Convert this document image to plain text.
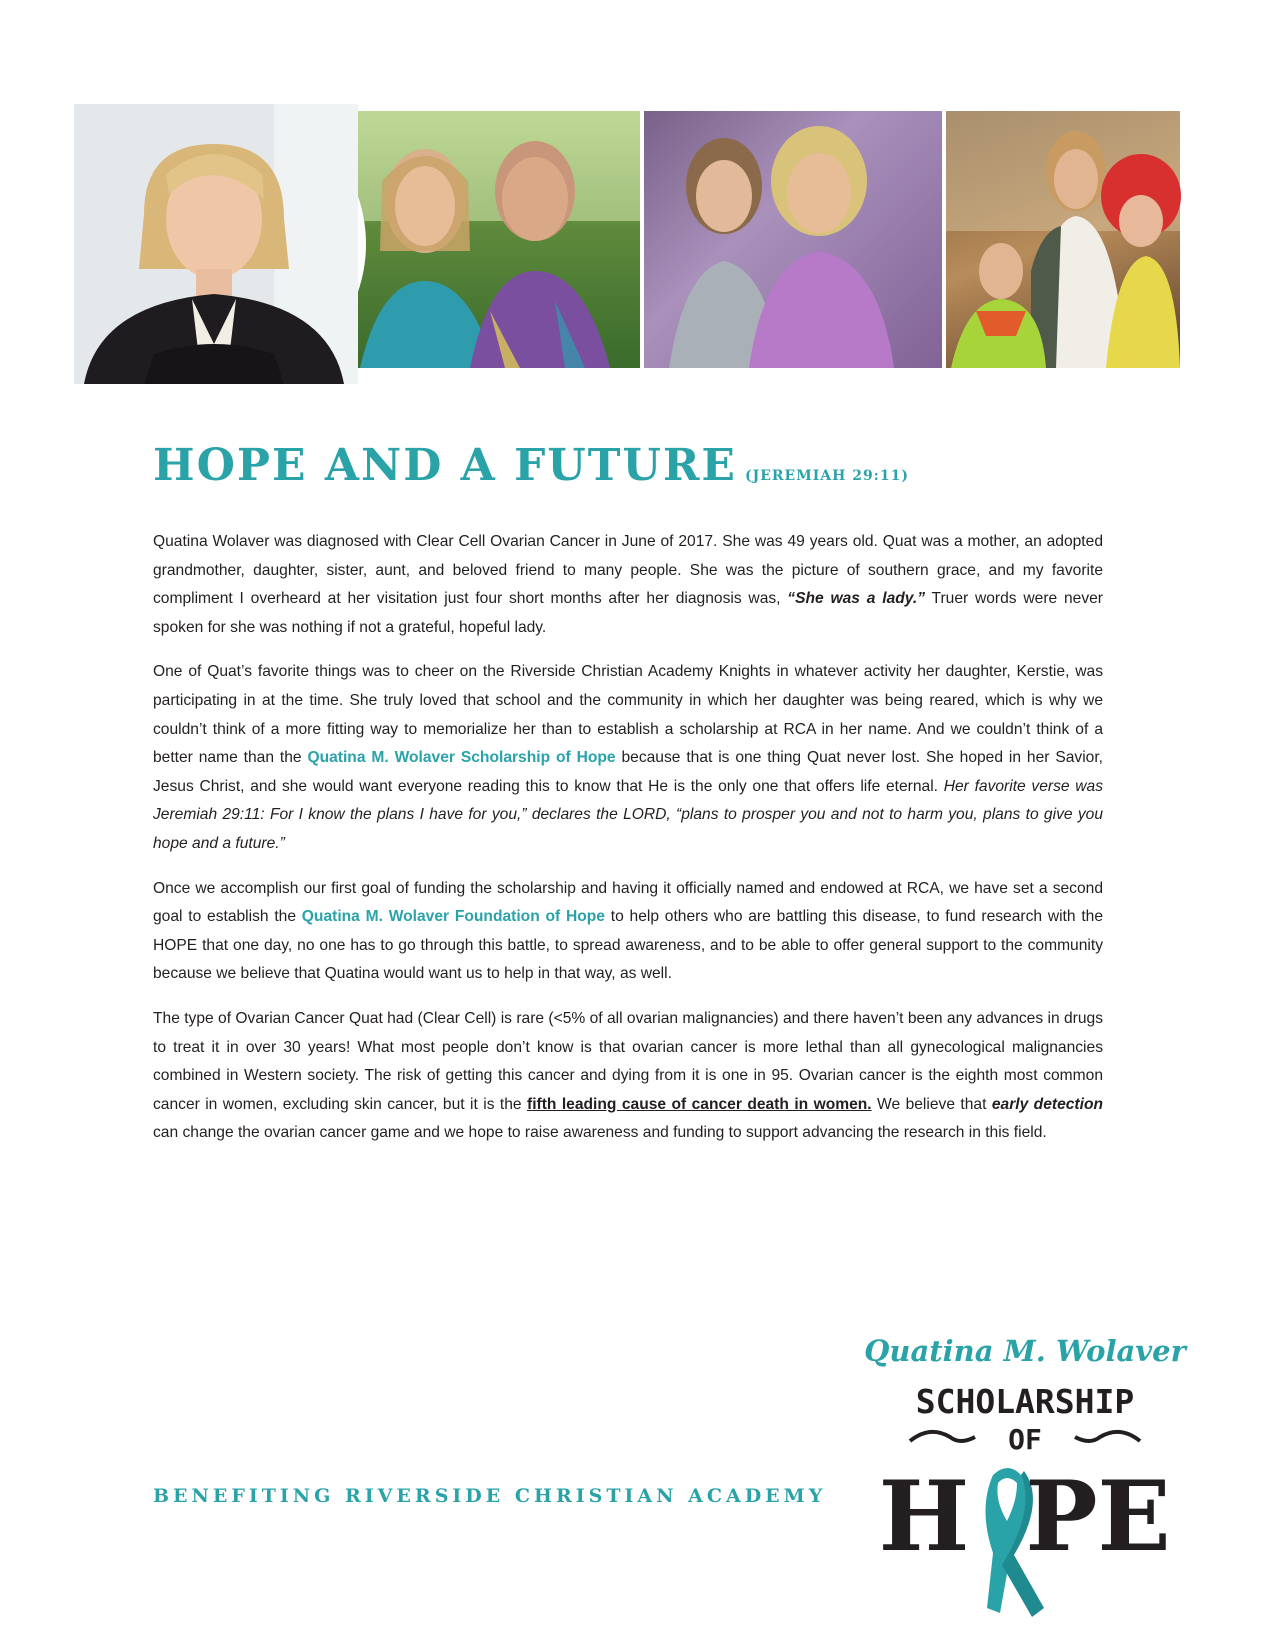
HOPE AND A FUTURE (JEREMIAH 29:11)

Quatina Wolaver was diagnosed with Clear Cell Ovarian Cancer in June of 2017. She was 49 years old. Quat was a mother, an adopted grandmother, daughter, sister, aunt, and beloved friend to many people. She was the picture of southern grace, and my favorite compliment I overheard at her visitation just four short months after her diagnosis was, “She was a lady.” Truer words were never spoken for she was nothing if not a grateful, hopeful lady.

One of Quat’s favorite things was to cheer on the Riverside Christian Academy Knights in whatever activity her daughter, Kerstie, was participating in at the time. She truly loved that school and the community in which her daughter was being reared, which is why we couldn’t think of a more fitting way to memorialize her than to establish a scholarship at RCA in her name. And we couldn’t think of a better name than the Quatina M. Wolaver Scholarship of Hope because that is one thing Quat never lost. She hoped in her Savior, Jesus Christ, and she would want everyone reading this to know that He is the only one that offers life eternal. Her favorite verse was Jeremiah 29:11: For I know the plans I have for you,” declares the LORD, “plans to prosper you and not to harm you, plans to give you hope and a future.”

Once we accomplish our first goal of funding the scholarship and having it officially named and endowed at RCA, we have set a second goal to establish the Quatina M. Wolaver Foundation of Hope to help others who are battling this disease, to fund research with the HOPE that one day, no one has to go through this battle, to spread awareness, and to be able to offer general support to the community because we believe that Quatina would want us to help in that way, as well.

The type of Ovarian Cancer Quat had (Clear Cell) is rare (<5% of all ovarian malignancies) and there haven’t been any advances in drugs to treat it in over 30 years! What most people don’t know is that ovarian cancer is more lethal than all gynecological malignancies combined in Western society. The risk of getting this cancer and dying from it is one in 95. Ovarian cancer is the eighth most common cancer in women, excluding skin cancer, but it is the fifth leading cause of cancer death in women. We believe that early detection can change the ovarian cancer game and we hope to raise awareness and funding to support advancing the research in this field.

BENEFITING RIVERSIDE CHRISTIAN ACADEMY
Quatina M. Wolaver
SCHOLARSHIP
OF
H PE
